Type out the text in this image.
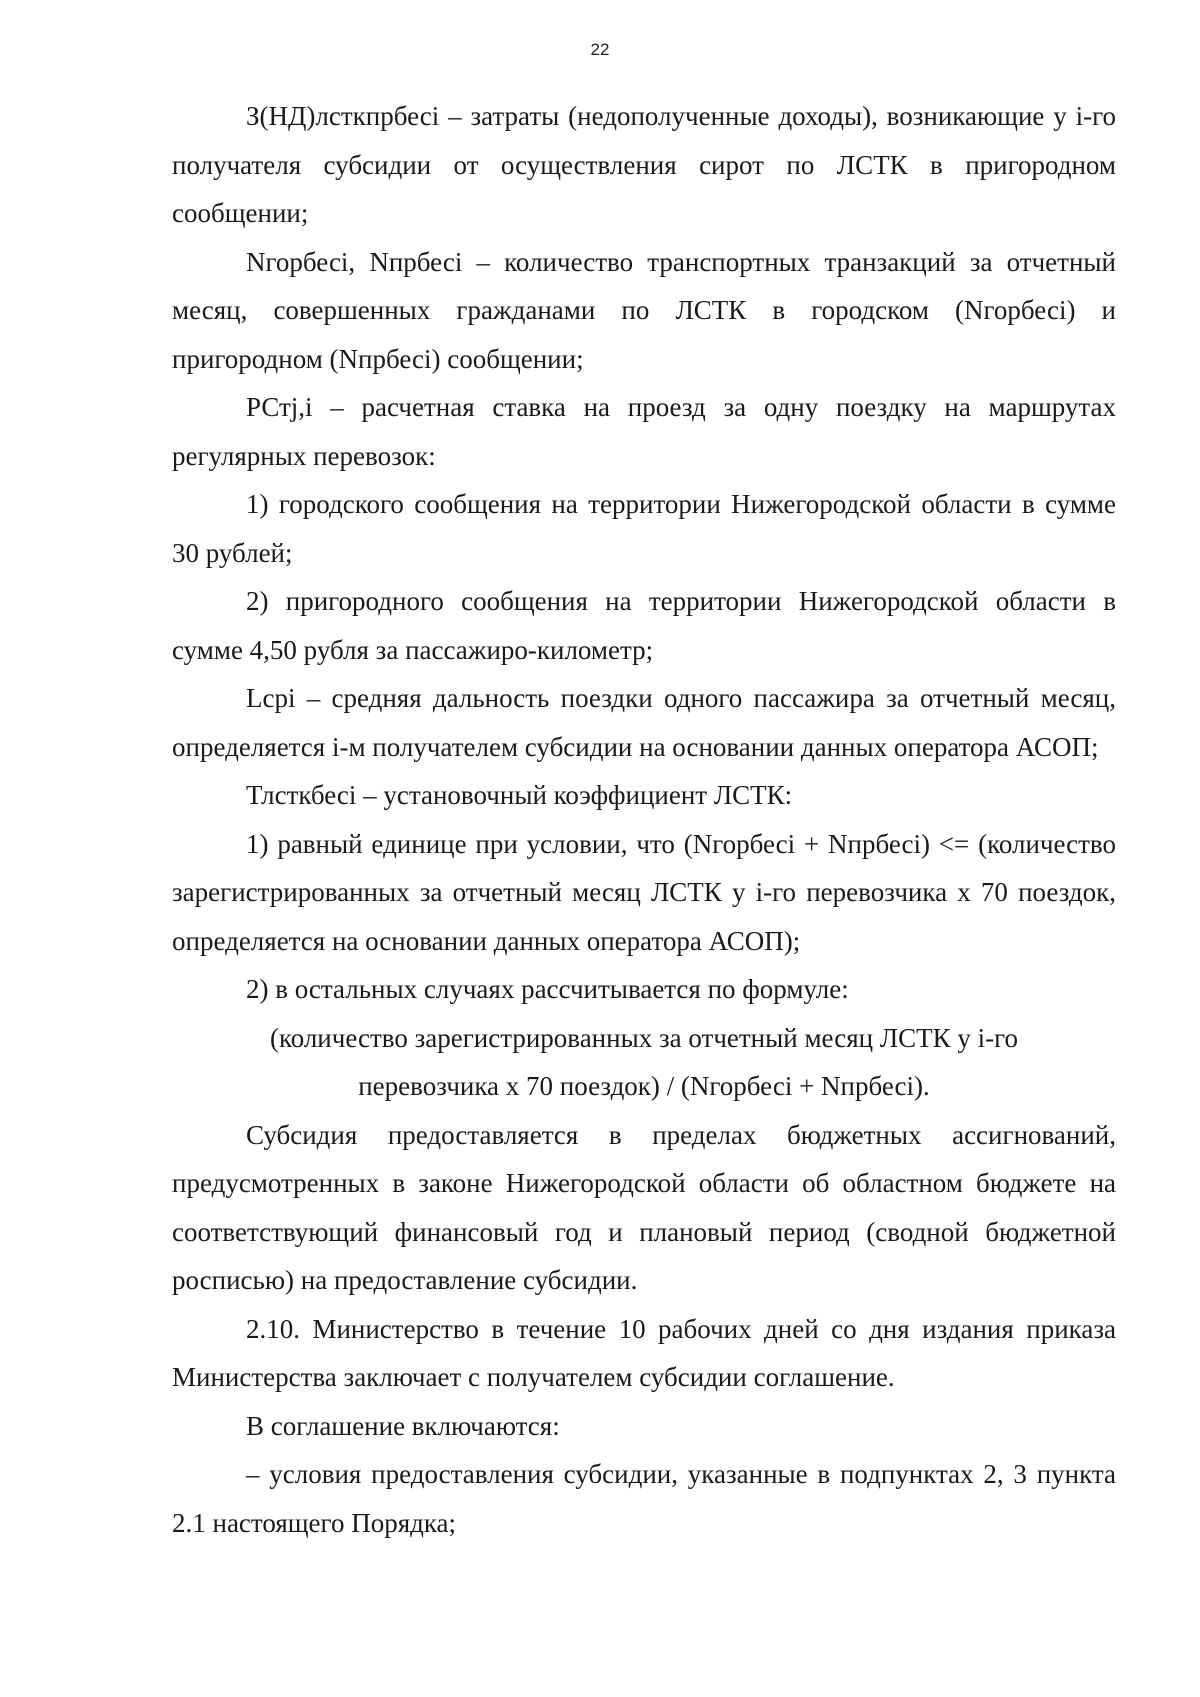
22

З(НД)лсткпрбесі – затраты (недополученные доходы), возникающие у і-го получателя субсидии от осуществления сирот по ЛСТК в пригородном сообщении;

Nгорбесі, Nпрбесі – количество транспортных транзакций за отчетный месяц, совершенных гражданами по ЛСТК в городском (Nгорбесі) и пригородном (Nпрбесі) сообщении;

РСтj,і – расчетная ставка на проезд за одну поездку на маршрутах регулярных перевозок:

1) городского сообщения на территории Нижегородской области в сумме 30 рублей;

2) пригородного сообщения на территории Нижегородской области в сумме 4,50 рубля за пассажиро-километр;

Lcpі – средняя дальность поездки одного пассажира за отчетный месяц, определяется і-м получателем субсидии на основании данных оператора АСОП;

Тлсткбесі – установочный коэффициент ЛСТК:

1) равный единице при условии, что (Nгорбесі + Nпрбесі) <= (количество зарегистрированных за отчетный месяц ЛСТК у і-го перевозчика х 70 поездок, определяется на основании данных оператора АСОП);

2) в остальных случаях рассчитывается по формуле:

(количество зарегистрированных за отчетный месяц ЛСТК у і-го

перевозчика х 70 поездок) / (Nгорбесі + Nпрбесі).

Субсидия предоставляется в пределах бюджетных ассигнований, предусмотренных в законе Нижегородской области об областном бюджете на соответствующий финансовый год и плановый период (сводной бюджетной росписью) на предоставление субсидии.

2.10. Министерство в течение 10 рабочих дней со дня издания приказа Министерства заключает с получателем субсидии соглашение.

В соглашение включаются:

– условия предоставления субсидии, указанные в подпунктах 2, 3 пункта 2.1 настоящего Порядка;
